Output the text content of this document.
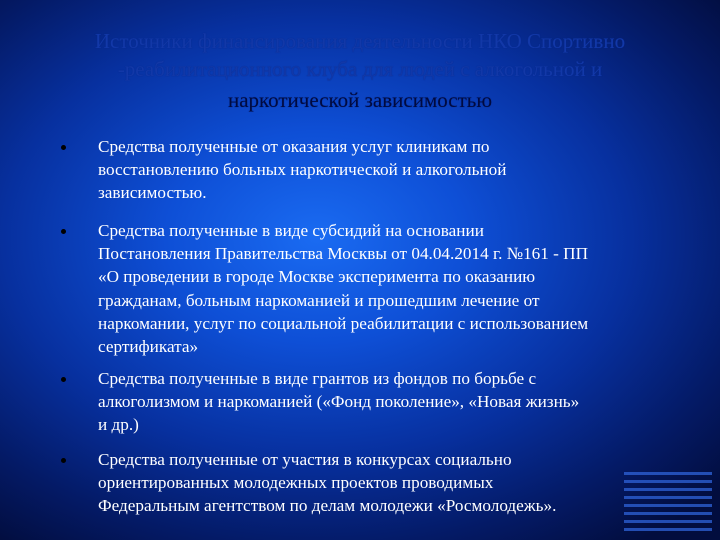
Источники финансирования деятельности НКО Спортивно
-реабилитационного клуба для людей с алкогольной и
наркотической зависимостью
Средства полученные от оказания услуг клиникам по
восстановлению больных наркотической и алкогольной
зависимостью.
Средства полученные в виде субсидий на основании
Постановления Правительства Москвы от 04.04.2014 г. №161 - ПП
«О проведении в городе Москве эксперимента по оказанию
гражданам, больным наркоманией и прошедшим лечение от
наркомании, услуг по социальной реабилитации с использованием
сертификата»
Средства полученные в виде грантов из фондов по борьбе с
алкоголизмом и наркоманией («Фонд поколение», «Новая жизнь»
и др.)
Средства полученные от участия в конкурсах социально
ориентированных молодежных проектов проводимых
Федеральным агентством по делам молодежи «Росмолодежь».
